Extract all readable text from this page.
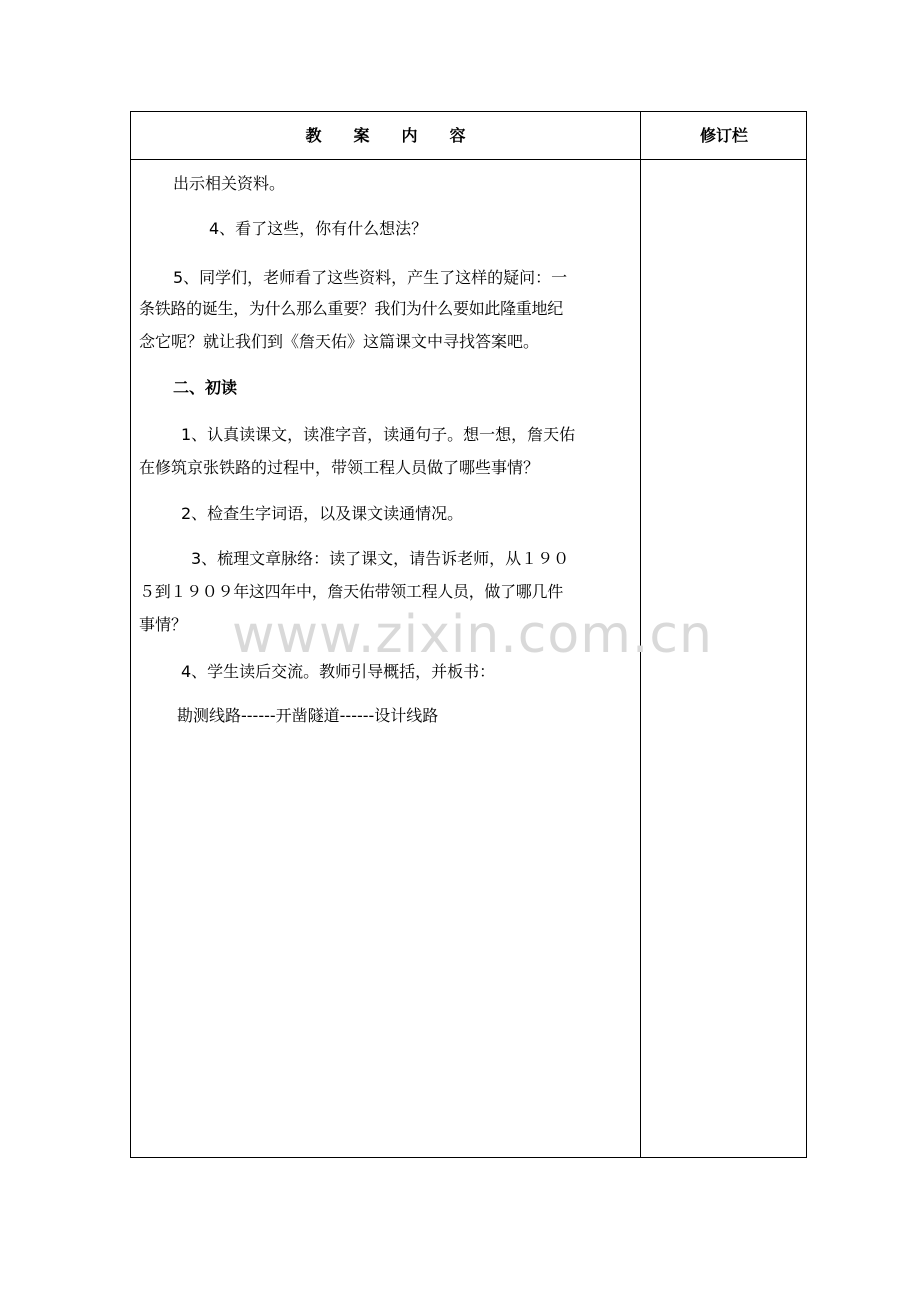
教　　案　　内　　容	修订栏
出示相关资料。
4、看了这些，你有什么想法？
5、同学们，老师看了这些资料，产生了这样的疑问：一
条铁路的诞生，为什么那么重要？我们为什么要如此隆重地纪
念它呢？就让我们到《詹天佑》这篇课文中寻找答案吧。
二、初读
1、认真读课文，读准字音，读通句子。想一想，詹天佑
在修筑京张铁路的过程中，带领工程人员做了哪些事情？
2、检查生字词语，以及课文读通情况。
3、梳理文章脉络：读了课文，请告诉老师，从１９０
５到１９０９年这四年中，詹天佑带领工程人员，做了哪几件
事情？
4、学生读后交流。教师引导概括，并板书：
勘测线路------开凿隧道------设计线路
www.zixin.com.cn
